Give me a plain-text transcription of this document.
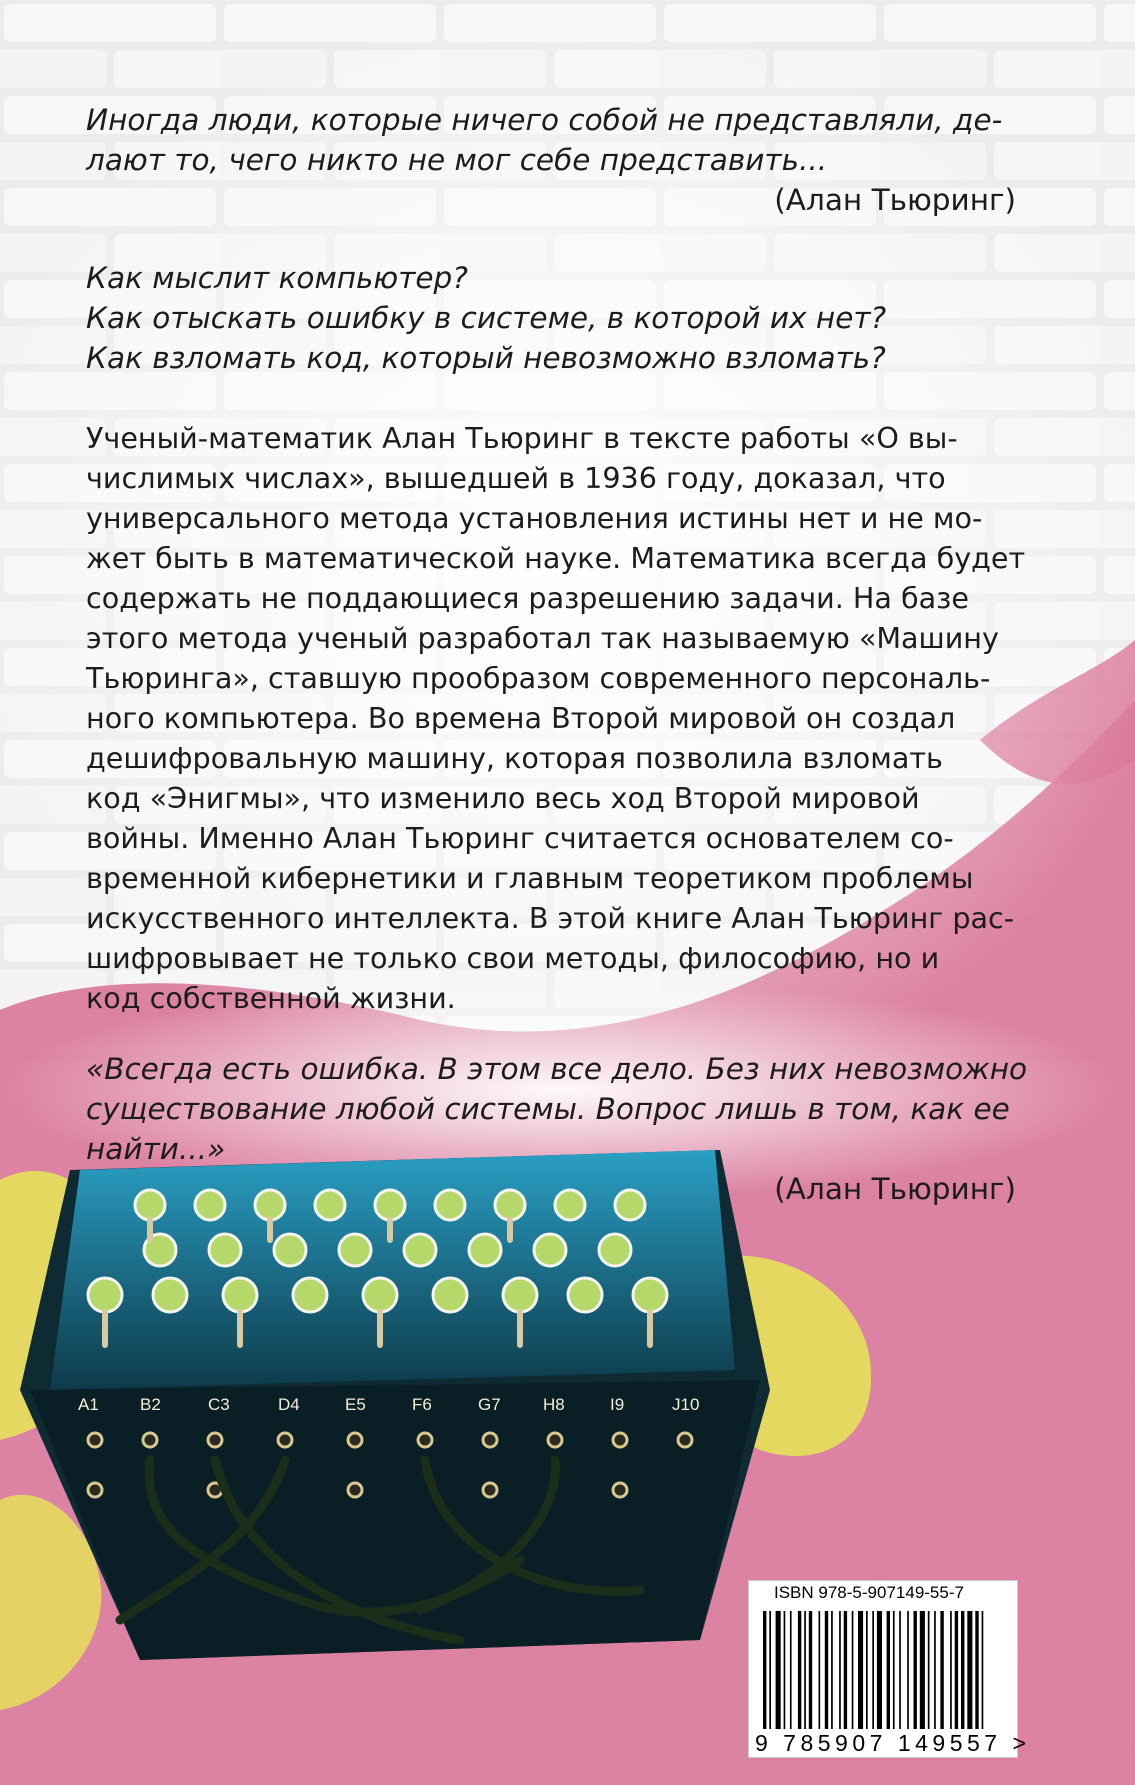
A1 B2	C3	D4	E5	F6	G7 H8	I9	J10
Иногда люди, которые ничего собой не представляли, де-
лают то, чего никто не мог себе представить...
(Алан Тьюринг)
Как мыслит компьютер?
Как отыскать ошибку в системе, в которой их нет?
Как взломать код, который невозможно взломать?
Ученый-математик Алан Тьюринг в тексте работы «О вы-
числимых числах», вышедшей в 1936 году, доказал, что
универсального метода установления истины нет и не мо-
жет быть в математической науке. Математика всегда будет
содержать не поддающиеся разрешению задачи. На базе
этого метода ученый разработал так называемую «Машину
Тьюринга», ставшую прообразом современного персональ-
ного компьютера. Во времена Второй мировой он создал
дешифровальную машину, которая позволила взломать
код «Энигмы», что изменило весь ход Второй мировой
войны. Именно Алан Тьюринг считается основателем со-
временной кибернетики и главным теоретиком проблемы
искусственного интеллекта. В этой книге Алан Тьюринг рас-
шифровывает не только свои методы, философию, но и
код собственной жизни.
«Всегда есть ошибка. В этом все дело. Без них невозможно
существование любой системы. Вопрос лишь в том, как ее
найти...»
(Алан Тьюринг)
ISBN 978-5-907149-55-7
9 785907 149557 >
